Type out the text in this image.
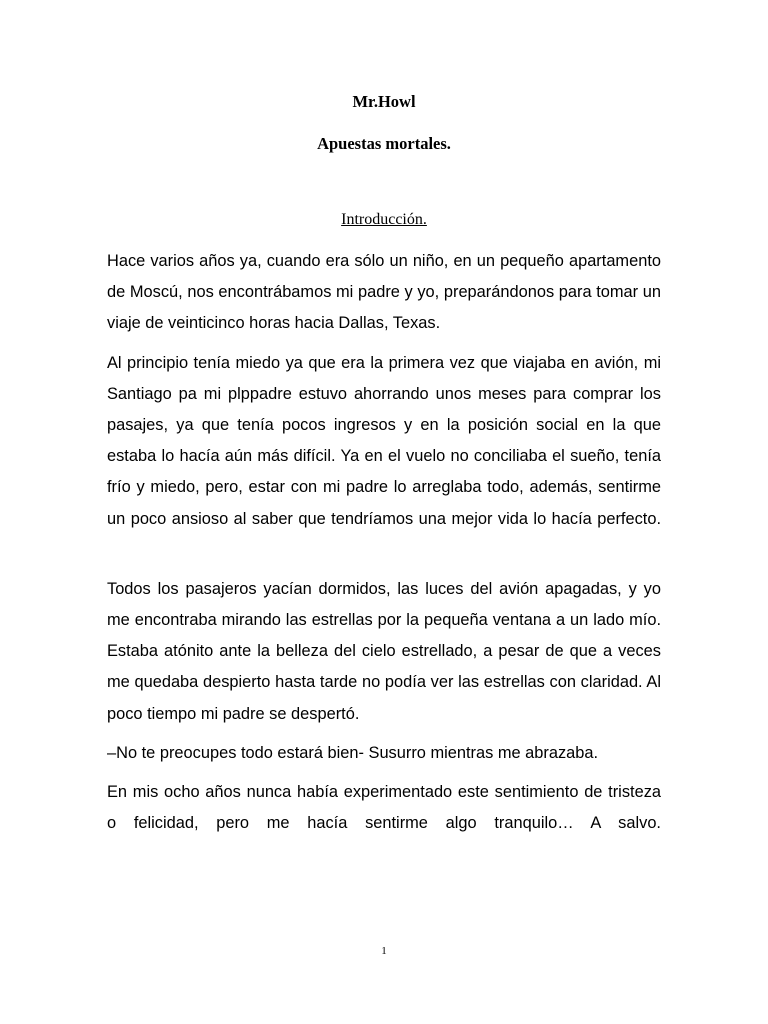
Mr.Howl
Apuestas mortales.
Introducción.

Hace varios años ya, cuando era sólo un niño, en un pequeño apartamento de Moscú, nos encontrábamos mi padre y yo, preparándonos para tomar un viaje de veinticinco horas hacia Dallas, Texas.

Al principio tenía miedo ya que era la primera vez que viajaba en avión, mi Santiago pa mi plppadre estuvo ahorrando unos meses para comprar los pasajes, ya que tenía pocos ingresos y en la posición social en la que estaba lo hacía aún más difícil. Ya en el vuelo no conciliaba el sueño, tenía frío y miedo, pero, estar con mi padre lo arreglaba todo, además, sentirme un poco ansioso al saber que tendríamos una mejor vida lo hacía perfecto.

Todos los pasajeros yacían dormidos, las luces del avión apagadas, y yo me encontraba mirando las estrellas por la pequeña ventana a un lado mío. Estaba atónito ante la belleza del cielo estrellado, a pesar de que a veces me quedaba despierto hasta tarde no podía ver las estrellas con claridad. Al poco tiempo mi padre se despertó.

–No te preocupes todo estará bien- Susurro mientras me abrazaba.

En mis ocho años nunca había experimentado este sentimiento de tristeza o felicidad, pero me hacía sentirme algo tranquilo… A salvo.

1
